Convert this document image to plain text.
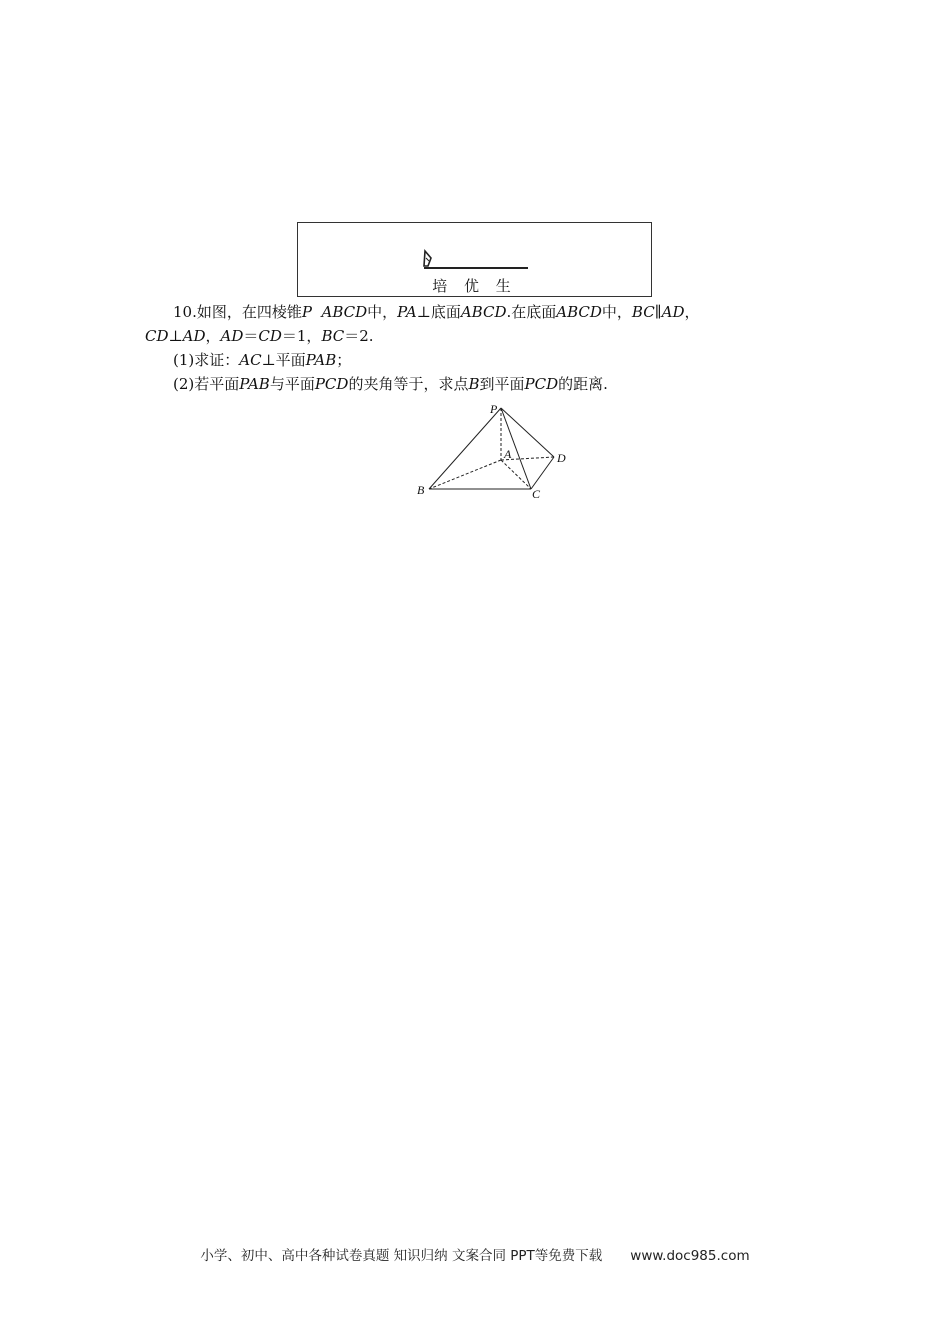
培 优 生

10.如图，在四棱锥P ABCD中，PA⊥底面ABCD.在底面ABCD中，BC∥AD，

CD⊥AD，AD＝CD＝1，BC＝2.

(1)求证：AC⊥平面PAB；

(2)若平面PAB与平面PCD的夹角等于，求点B到平面PCD的距离.

P
A
B	C
D
小学、初中、高中各种试卷真题 知识归纳 文案合同 PPT等免费下载 www.doc985.com
